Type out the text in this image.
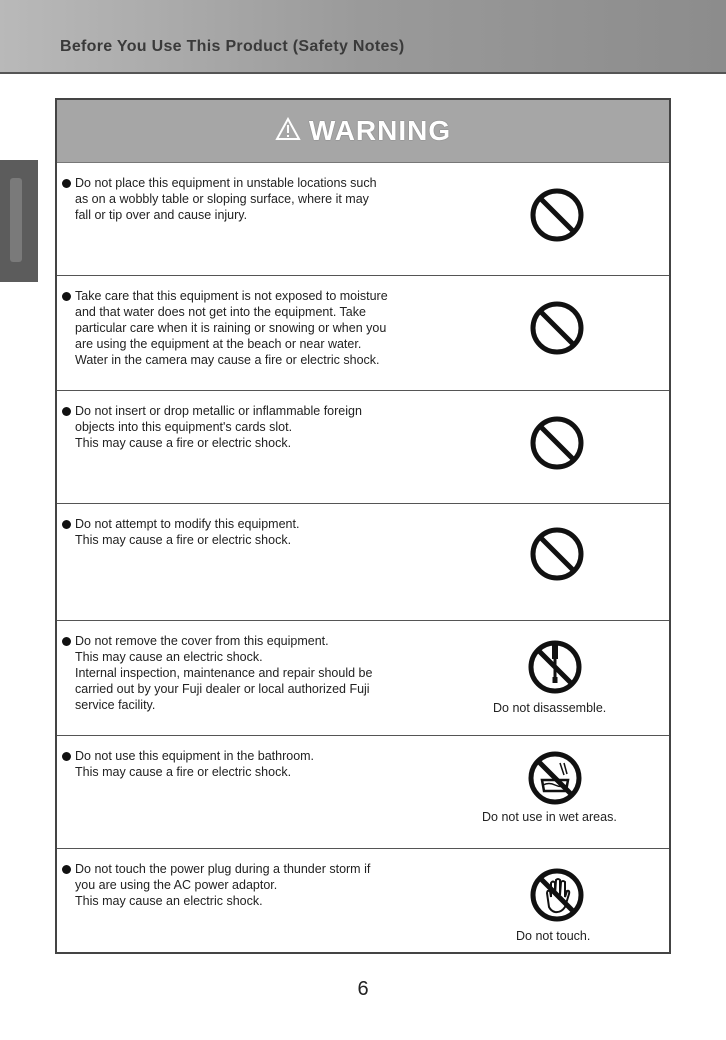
Before You Use This Product (Safety Notes)
WARNING

Do not place this equipment in unstable locations such

as on a wobbly table or sloping surface, where it may

fall or tip over and cause injury.

Take care that this equipment is not exposed to moisture

and that water does not get into the equipment. Take

particular care when it is raining or snowing or when you

are using the equipment at the beach or near water.

Water in the camera may cause a fire or electric shock.

Do not insert or drop metallic or inflammable foreign

objects into this equipment's cards slot.

This may cause a fire or electric shock.

Do not attempt to modify this equipment.

This may cause a fire or electric shock.

Do not remove the cover from this equipment.

This may cause an electric shock.

Internal inspection, maintenance and repair should be

carried out by your Fuji dealer or local authorized Fuji

service facility.	Do not disassemble.

Do not use this equipment in the bathroom.

This may cause a fire or electric shock.

Do not use in wet areas.

Do not touch the power plug during a thunder storm if

you are using the AC power adaptor.

This may cause an electric shock.

Do not touch.
6
